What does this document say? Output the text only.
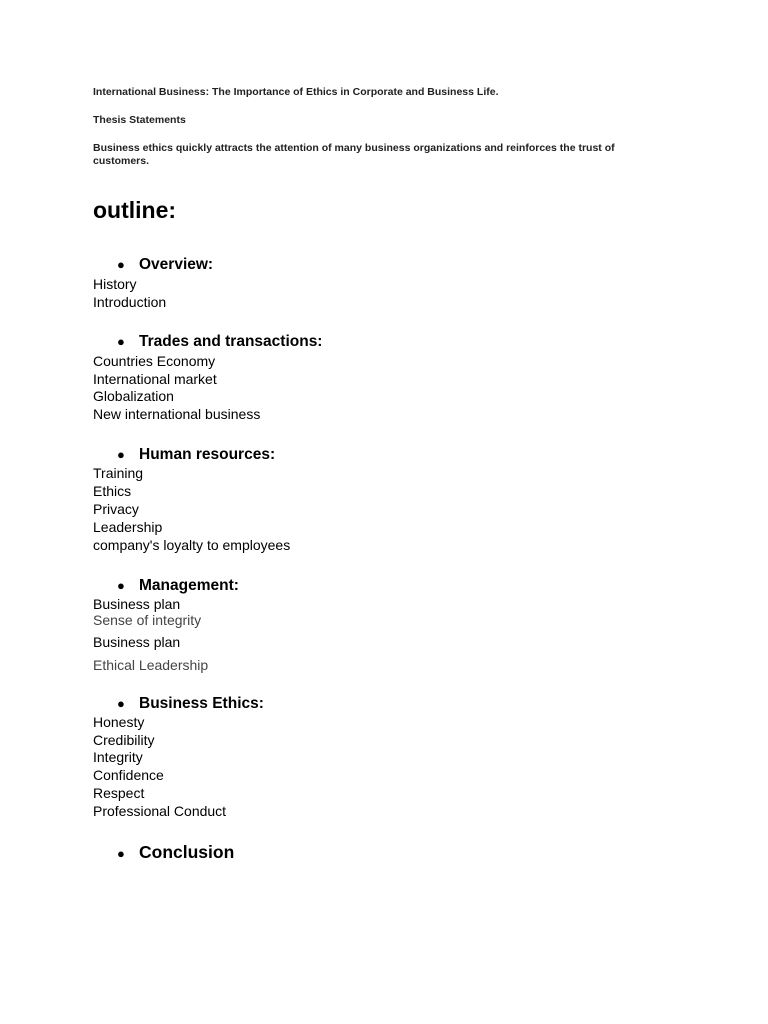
International Business: The Importance of Ethics in Corporate and Business Life.
Thesis Statements
Business ethics quickly attracts the attention of many business organizations and reinforces the trust of customers.
outline:
● Overview:
History
Introduction
● Trades and transactions:
Countries Economy
International market
Globalization
New international business
● Human resources:
Training
Ethics
Privacy
Leadership
company's loyalty to employees
● Management:
Business plan
Sense of integrity
Business plan
Ethical Leadership
● Business Ethics:
Honesty
Credibility
Integrity
Confidence
Respect
Professional Conduct
● Conclusion
